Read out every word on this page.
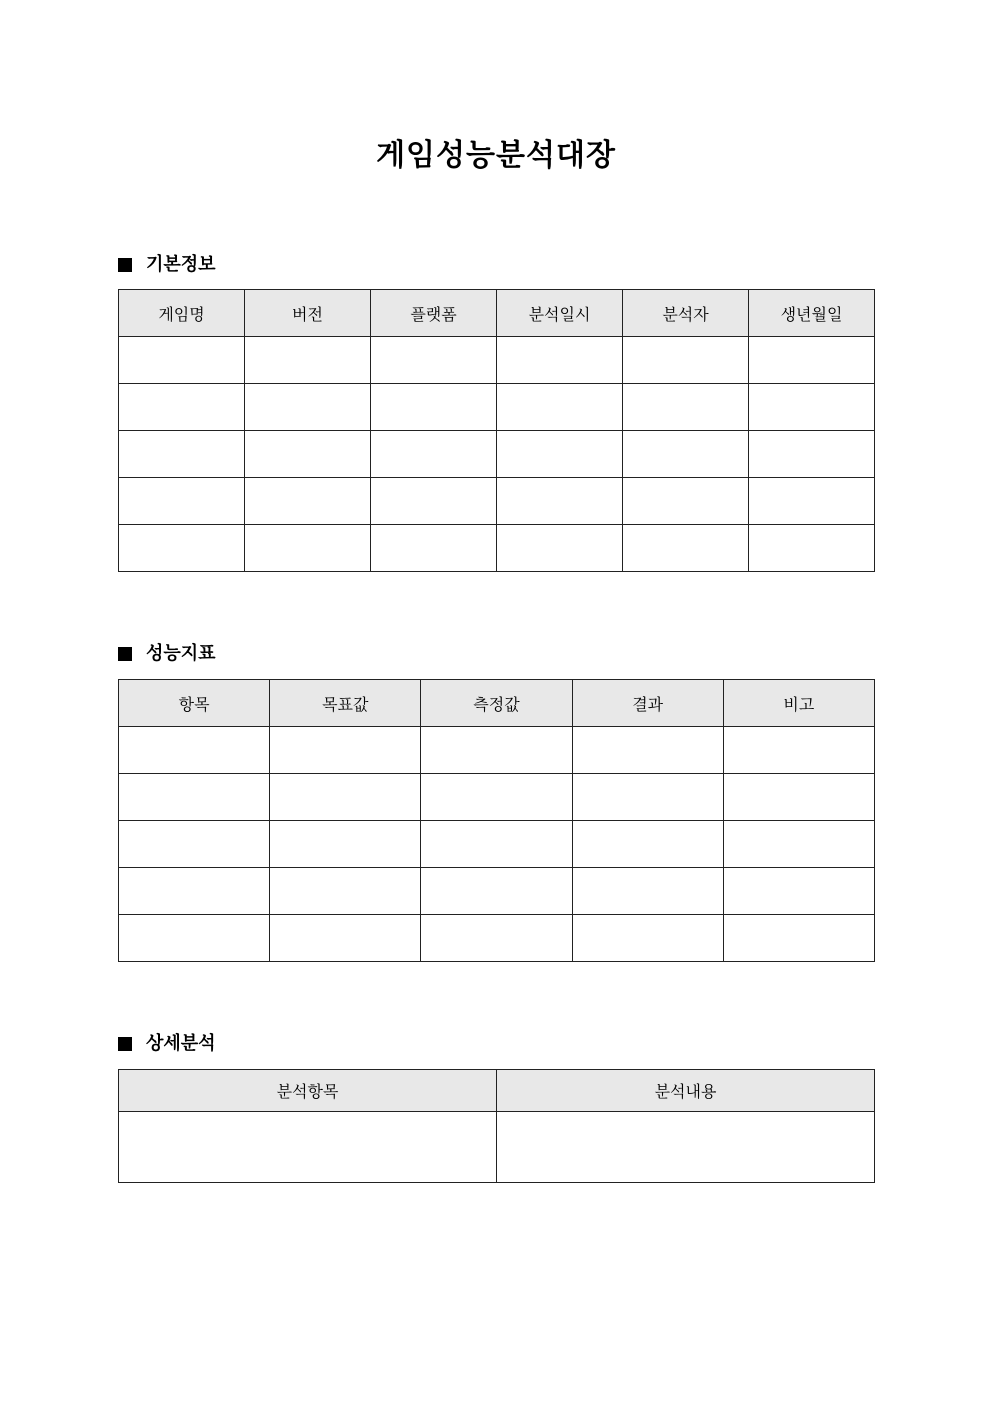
게임성능분석대장
기본정보
게임명	버전	플랫폼	분석일시	분석자	생년월일

성능지표
항목	목표값	측정값	결과	비고

상세분석
분석항목	분석내용
